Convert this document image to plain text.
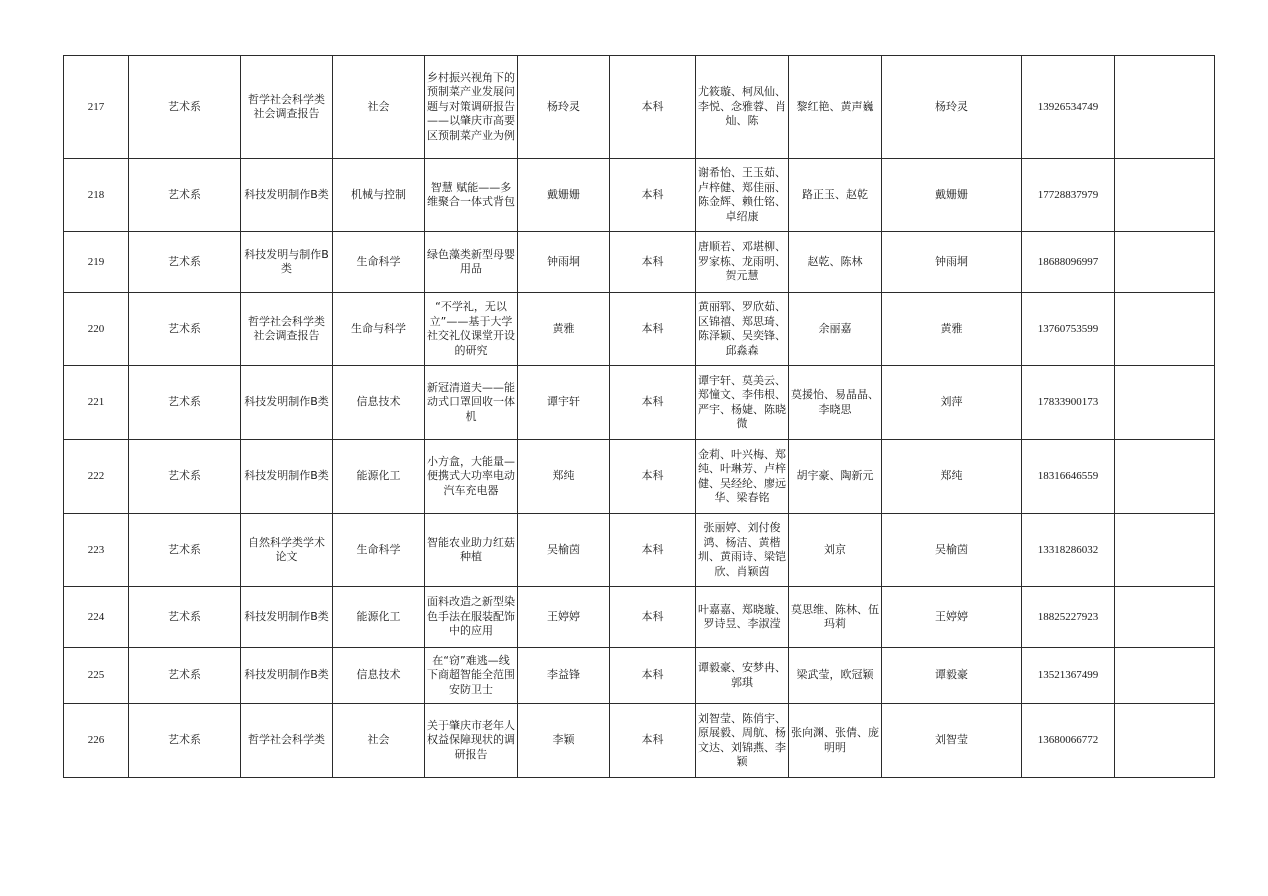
217	艺术系	哲学社会科学类社会调查报告	社会	乡村振兴视角下的预制菜产业发展问题与对策调研报告——以肇庆市高要区预制菜产业为例	杨玲灵	本科	尤筱璇、柯凤仙、李悦、念雅蓉、肖灿、陈	黎红艳、黄声巍	杨玲灵	13926534749	
218	艺术系	科技发明制作B类	机械与控制	智慧 赋能——多维聚合一体式背包	戴姗姗	本科	谢希怡、王玉茹、卢梓健、郑佳丽、陈金辉、赖仕铭、卓绍康	路正玉、赵乾	戴姗姗	17728837979	
219	艺术系	科技发明与制作B类	生命科学	绿色藻类新型母婴用品	钟雨垌	本科	唐顺若、邓堪柳、罗家栋、龙雨明、贺元慧	赵乾、陈林	钟雨垌	18688096997	
220	艺术系	哲学社会科学类社会调查报告	生命与科学	“不学礼，无以立”——基于大学社交礼仪课堂开设的研究	黄雅	本科	黄丽郓、罗欣茹、区锦禧、郑思琦、陈泽颖、吴奕锋、邱淼森	余丽嘉	黄雅	13760753599	
221	艺术系	科技发明制作B类	信息技术	新冠清道夫——能动式口罩回收一体机	谭宇轩	本科	谭宇轩、莫美云、郑憧文、李伟根、严宇、杨婕、陈晓微	莫援怡、易晶晶、李晓思	刘萍	17833900173	
222	艺术系	科技发明制作B类	能源化工	小方盒，大能量—便携式大功率电动汽车充电器	郑纯	本科	金莉、叶兴梅、郑纯、叶琳芳、卢梓健、吴经纶、廖远华、梁春铭	胡宇豪、陶新元	郑纯	18316646559	
223	艺术系	自然科学类学术论文	生命科学	智能农业助力红菇种植	吴榆茵	本科	张丽婷、刘付俊鸿、杨洁、黄楷圳、黄雨诗、梁铠欣、肖颖茵	刘京	吴榆茵	13318286032	
224	艺术系	科技发明制作B类	能源化工	面料改造之新型染色手法在服装配饰中的应用	王婷婷	本科	叶嘉嘉、郑晓璇、罗诗昱、李淑滢	莫思维、陈林、伍玛莉	王婷婷	18825227923	
225	艺术系	科技发明制作B类	信息技术	在“窃”难逃—线下商超智能全范围安防卫士	李益锋	本科	谭毅豪、安梦冉、郭琪	梁武莹，欧冠颖	谭毅豪	13521367499	
226	艺术系	哲学社会科学类	社会	关于肇庆市老年人权益保障现状的调研报告	李颖	本科	刘智莹、陈俏宇、原展毅、周航、杨文达、刘锦燕、李颖	张向渊、张倩、庞明明	刘智莹	13680066772	
